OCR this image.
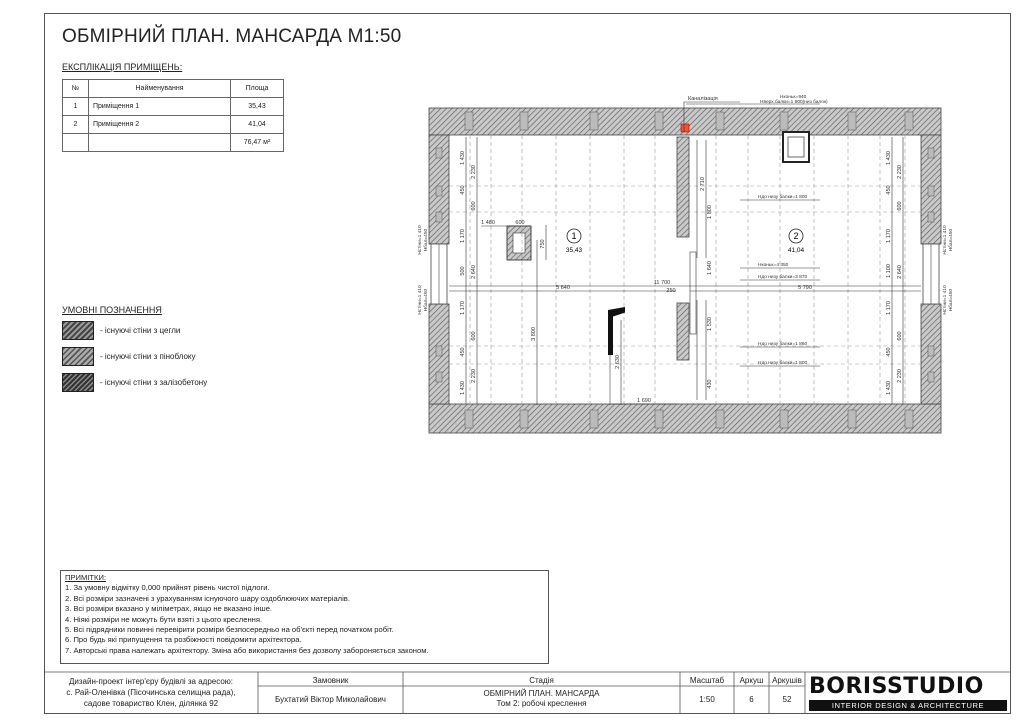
ОБМІРНИЙ ПЛАН. МАНСАРДА М1:50
ЕКСПЛІКАЦІЯ ПРИМІЩЕНЬ:
№	Найменування	Площа
1	Приміщення 1	35,43
2	Приміщення 2	41,04
		76,47 м²
УМОВНІ ПОЗНАЧЕННЯ
- існуючі стіни з цегли
- існуючі стіни з піноблоку
- існуючі стіни з залізобетону
1
35,43
2
41,04
Каналізація	Hконьк=940
Hверх.балки=1 800(низ балок)
11 700
5 640	250	5 790
1 480	600
750
1 690
3 800
2 630
1 430
2 230
450
600
1 170
2 640
500
1 170
600
450
2 230
1 430
1 430
2 230
450
600
1 170
2 640
1 100
1 170
600
450
2 230
1 430
2 710
1 800
1 640
1 530
430
Hдо низу балки=1 800
Hконьк=4 350
Hдо низу балки=3 870
Hдо низу балки=1 860
Hдо низу балки=1 800
Hстіни=1 410 Hбал=450
Hстіни=1 410 Hбал=450
Hстіни=1 410 Hбал=450
Hстіни=1 410 Hбал=450
ПРИМІТКИ:
1. За умовну відмітку 0,000 прийнят рівень чистої підлоги.
2. Всі розміри зазначені з урахуванням існуючого шару оздоблюючих матеріалів.
3. Всі розміри вказано у міліметрах, якщо не вказано інше.
4. Ніякі розміри не можуть бути взяті з цього креслення.
5. Всі підрядники повинні перевірити розміри безпосередньо на об'єкті перед початком робіт.
6. Про будь які припущення та розбіжності повідомити архітектора.
7. Авторські права належать архітектору. Зміна або використання без дозволу забороняється законом.
Дизайн-проект інтер'єру будівлі за адресою:
с. Рай-Оленівка (Пісочинська селищна рада),
садове товариство Клен, ділянка 92
Замовник
Бухтатий Віктор Миколайович
Стадія
ОБМІРНИЙ ПЛАН. МАНСАРДА
Том 2: робочі креслення
Масштаб
1:50
Аркуш
6
Аркушів
52
BORISSTUDIO
INTERIOR DESIGN & ARCHITECTURE
